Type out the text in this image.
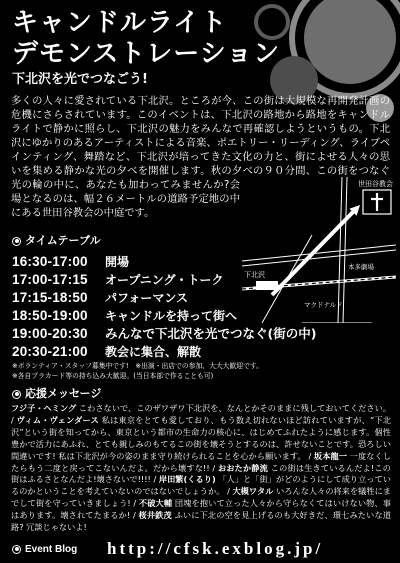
キャンドルライト
デモンストレーション
下北沢を光でつなごう!

多くの人々に愛されている下北沢。ところが今、この街は大規模な再開発計画の危機にさらされています。このイベントは、下北沢の路地から路地をキャンドルライトで静かに照らし、下北沢の魅力をみんなで再確認しようというもの。下北沢にゆかりのあるアーティストによる音楽、ポエトリー・リーディング、ライブペインティング、舞踏など、下北沢が培ってきた文化の力と、街によせる人々の思いを集める静かな光の夕べを開催します。秋の夕べの９０分間、この街をつなぐ光の輪の中に、あなたも加わってみませんか?会場となるのは、幅２６メートルの道路予定地の中にある世田谷教会の中庭です。

下北沢
本多劇場
マクドナルド
世田谷教会
タイムテーブル
16:30-17:00	開場
17:00-17:15	オープニング・トーク
17:15-18:50	パフォーマンス
18:50-19:00	キャンドルを持って街へ
19:00-20:30	みんなで下北沢を光でつなぐ(街の中)
20:30-21:00	教会に集合、解散
※ボランティア・スタッフ募集中です!　※出演・出店での参加、大大大歓迎です。
※各自プラカード等の持ち込み大歓迎。(当日本部で作ることも可)
応援メッセージ

フジ子・ヘミング こわさないで、このザワザワ下北沢を、なんとかそのままに残しておいてください。 / ヴィム・ヴェンダース 私は東京をとても愛しており、もう数え切れないほど訪れていますが、“下北沢”という街を知ってから、東京という都市の生命力の核心に、はじめてふれたように感じます。個性豊かで活力にあふれ、とても親しみのもてるこの街を壊そうとするのは、許せないことです。恐ろしい間違いです! 私は下北沢が今の姿のまま守り続けられることを心から願います。 / 坂本龍一 一度なくしたらもう二度と戻ってこないんだよ。だから壊すな!! / おおたか静流 この街は生きているんだよ!この街はふるさとなんだよ!壊さないで!!!! / 岸田繁(くるり) 「人」と「街」がどのようにして成り立っているのかということを考えていないのではないでしょうか。 / 大槻ワタル いろんな人々の将来を犠牲にまでして街を守っていきましょう! / 不破大輔 団塊を抱いて立った人々から守らなくてはいけない物、事はあります。壊されてたまるか! / 桜井鉄茂 ふいに下北の空を見上げるのも大好きだ、環七みたいな道路? 冗談じゃないよ!

Event Blog	http://cfsk.exblog.jp/
